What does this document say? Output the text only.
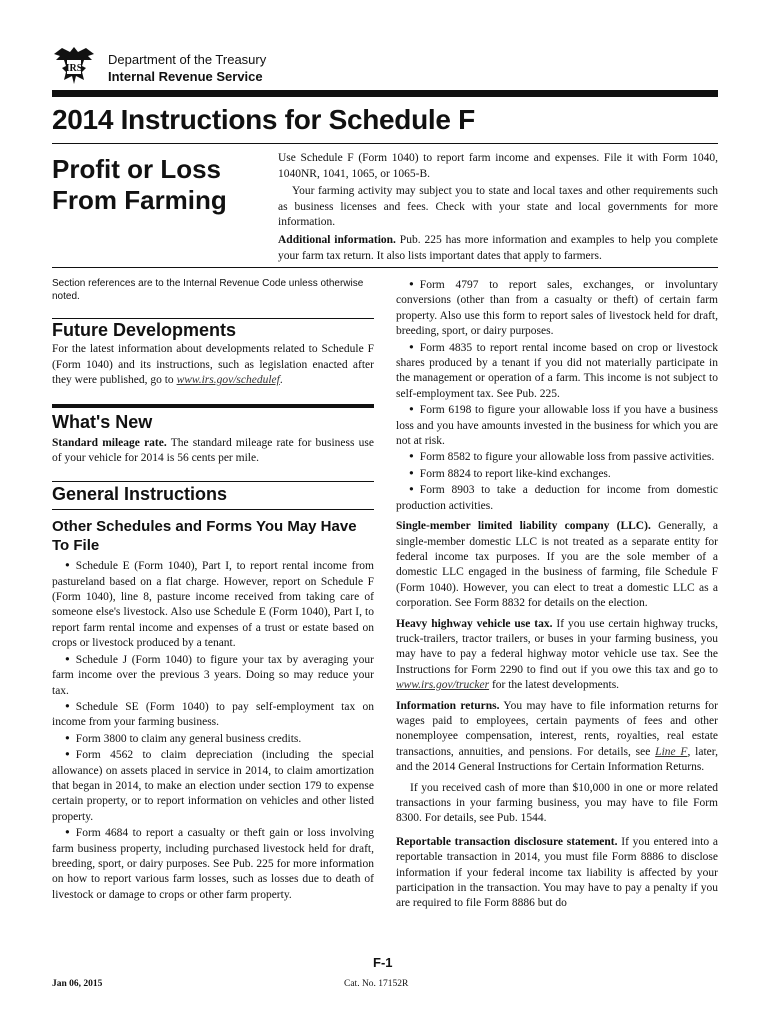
IRS
Department of the Treasury
Internal Revenue Service
2014 Instructions for Schedule F
Profit or Loss From Farming

Use Schedule F (Form 1040) to report farm income and expenses. File it with Form 1040, 1040NR, 1041, 1065, or 1065-B.

Your farming activity may subject you to state and local taxes and other requirements such as business licenses and fees. Check with your state and local governments for more information.

Additional information. Pub. 225 has more information and examples to help you complete your farm tax return. It also lists important dates that apply to farmers.

Section references are to the Internal Revenue Code unless otherwise noted.

Future Developments

For the latest information about developments related to Schedule F (Form 1040) and its instructions, such as legislation enacted after they were published, go to www.irs.gov/schedulef.

What's New

Standard mileage rate. The standard mileage rate for business use of your vehicle for 2014 is 56 cents per mile.

General Instructions
Other Schedules and Forms You May Have To File

• Schedule E (Form 1040), Part I, to report rental income from pastureland based on a flat charge. However, report on Schedule F (Form 1040), line 8, pasture income received from taking care of someone else's livestock. Also use Schedule E (Form 1040), Part I, to report farm rental income and expenses of a trust or estate based on crops or livestock produced by a tenant.

• Schedule J (Form 1040) to figure your tax by averaging your farm income over the previous 3 years. Doing so may reduce your tax.

• Schedule SE (Form 1040) to pay self-employment tax on income from your farming business.

• Form 3800 to claim any general business credits.

• Form 4562 to claim depreciation (including the special allowance) on assets placed in service in 2014, to claim amortization that began in 2014, to make an election under section 179 to expense certain property, or to report information on vehicles and other listed property.

• Form 4684 to report a casualty or theft gain or loss involving farm business property, including purchased livestock held for draft, breeding, sport, or dairy purposes. See Pub. 225 for more information on how to report various farm losses, such as losses due to death of livestock or damage to crops or other farm property.

• Form 4797 to report sales, exchanges, or involuntary conversions (other than from a casualty or theft) of certain farm property. Also use this form to report sales of livestock held for draft, breeding, sport, or dairy purposes.

• Form 4835 to report rental income based on crop or livestock shares produced by a tenant if you did not materially participate in the management or operation of a farm. This income is not subject to self-employment tax. See Pub. 225.

• Form 6198 to figure your allowable loss if you have a business loss and you have amounts invested in the business for which you are not at risk.

• Form 8582 to figure your allowable loss from passive activities.

• Form 8824 to report like-kind exchanges.

• Form 8903 to take a deduction for income from domestic production activities.

Single-member limited liability company (LLC). Generally, a single-member domestic LLC is not treated as a separate entity for federal income tax purposes. If you are the sole member of a domestic LLC engaged in the business of farming, file Schedule F (Form 1040). However, you can elect to treat a domestic LLC as a corporation. See Form 8832 for details on the election.

Heavy highway vehicle use tax. If you use certain highway trucks, truck-trailers, tractor trailers, or buses in your farming business, you may have to pay a federal highway motor vehicle use tax. See the Instructions for Form 2290 to find out if you owe this tax and go to www.irs.gov/trucker for the latest developments.

Information returns. You may have to file information returns for wages paid to employees, certain payments of fees and other nonemployee compensation, interest, rents, royalties, real estate transactions, annuities, and pensions. For details, see Line F, later, and the 2014 General Instructions for Certain Information Returns.

If you received cash of more than $10,000 in one or more related transactions in your farming business, you may have to file Form 8300. For details, see Pub. 1544.

Reportable transaction disclosure statement. If you entered into a reportable transaction in 2014, you must file Form 8886 to disclose information if your federal income tax liability is affected by your participation in the transaction. You may have to pay a penalty if you are required to file Form 8886 but do

F-1
Jan 06, 2015	Cat. No. 17152R
